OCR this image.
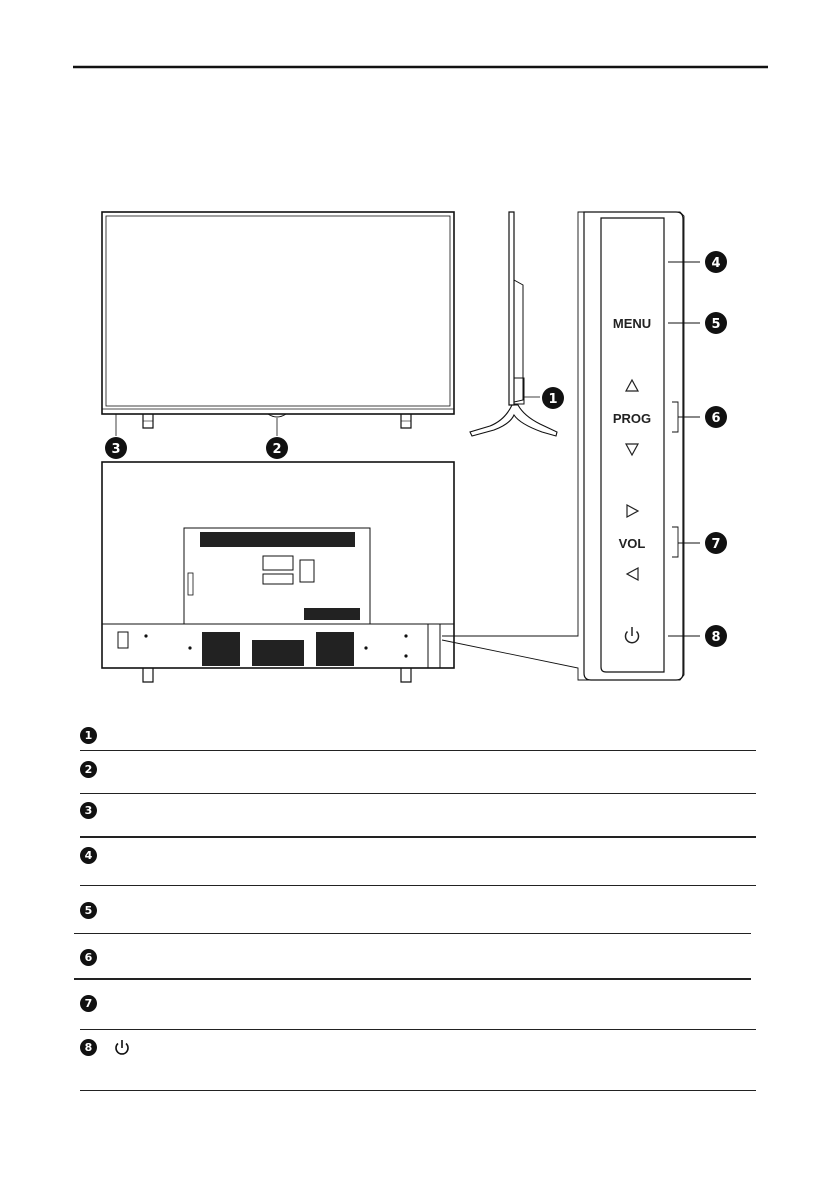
MENU
PROG
VOL
1
2
3
4
5
6
7
8
1
2
3
4
5
6
7
8
